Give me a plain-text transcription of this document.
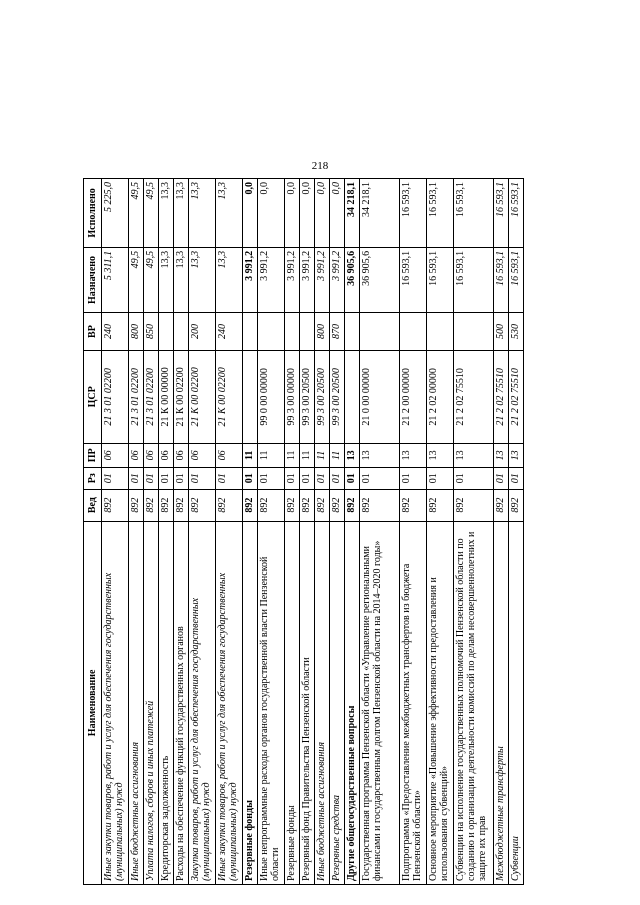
218
Наименование	Вед	Рз	ПР	ЦСР	ВР	Назначено	Исполнено
Иные закупки товаров, работ и услуг для обеспечения государственных (муниципальных) нужд	892	01	06	21 3 01 02200	240	5 311,1	5 225,0
Иные бюджетные ассигнования	892	01	06	21 3 01 02200	800	49,5	49,5
Уплата налогов, сборов и иных платежей	892	01	06	21 3 01 02200	850	49,5	49,5
Кредиторская задолженность	892	01	06	21 К 00 00000		13,3	13,3
Расходы на обеспечение функций государственных органов	892	01	06	21 К 00 02200		13,3	13,3
Закупка товаров, работ и услуг для обеспечения государственных (муниципальных) нужд	892	01	06	21 К 00 02200	200	13,3	13,3
Иные закупки товаров, работ и услуг для обеспечения государственных (муниципальных) нужд	892	01	06	21 К 00 02200	240	13,3	13,3
Резервные фонды	892	01	11			3 991,2	0,0
Иные непрограммные расходы органов государственной власти Пензенской области	892	01	11	99 0 00 00000		3 991,2	0,0
Резервные фонды	892	01	11	99 3 00 00000		3 991,2	0,0
Резервный фонд Правительства Пензенской области	892	01	11	99 3 00 20500		3 991,2	0,0
Иные бюджетные ассигнования	892	01	11	99 3 00 20500	800	3 991,2	0,0
Резервные средства	892	01	11	99 3 00 20500	870	3 991,2	0,0
Другие общегосударственные вопросы	892	01	13			36 905,6	34 218,1
Государственная программа Пензенской области «Управление региональными финансами и государственным долгом Пензенской области на 2014–2020 годы»	892	01	13	21 0 00 00000		36 905,6	34 218,1
Подпрограмма «Предоставление межбюджетных трансфертов из бюджета Пензенской области»	892	01	13	21 2 00 00000		16 593,1	16 593,1
Основное мероприятие «Повышение эффективности предоставления и использования субвенций»	892	01	13	21 2 02 00000		16 593,1	16 593,1
Субвенции на исполнение государственных полномочий Пензенской области по созданию и организации деятельности комиссий по делам несовершеннолетних и защите их прав	892	01	13	21 2 02 75510		16 593,1	16 593,1
Межбюджетные трансферты	892	01	13	21 2 02 75510	500	16 593,1	16 593,1
Субвенции	892	01	13	21 2 02 75510	530	16 593,1	16 593,1
